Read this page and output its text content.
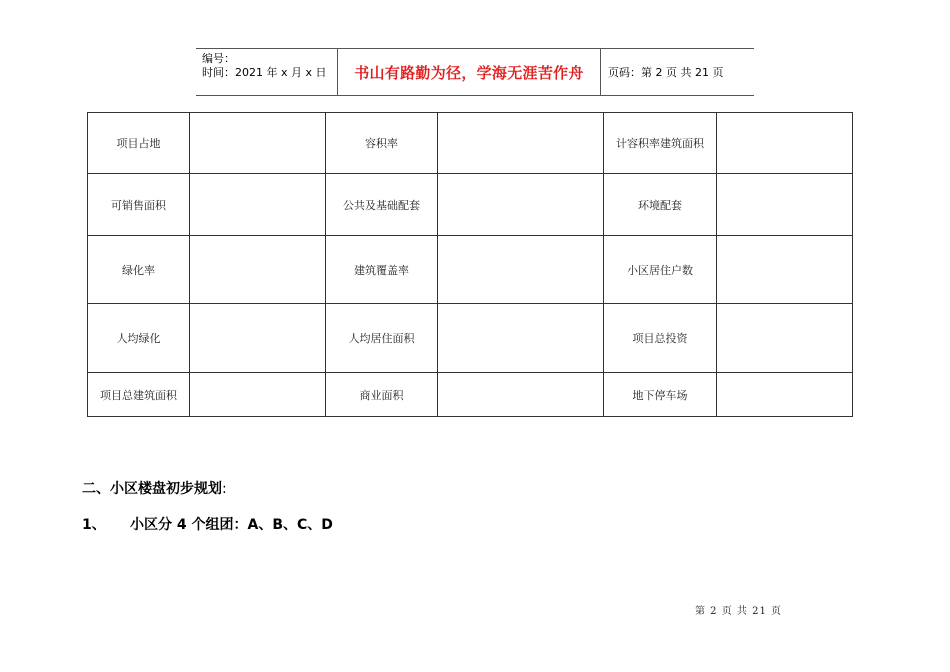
编号：
时间：2021 年 x 月 x 日	书山有路勤为径，学海无涯苦作舟	页码：第 2 页 共 21 页
项目占地		容积率		计容积率建筑面积	
可销售面积		公共及基础配套		环境配套	
绿化率		建筑覆盖率		小区居住户数	
人均绿化		人均居住面积		项目总投资	
项目总建筑面积		商业面积		地下停车场	
二、小区楼盘初步规划:
1、 小区分 4 个组团：A、B、C、D
第 2 页 共 21 页
